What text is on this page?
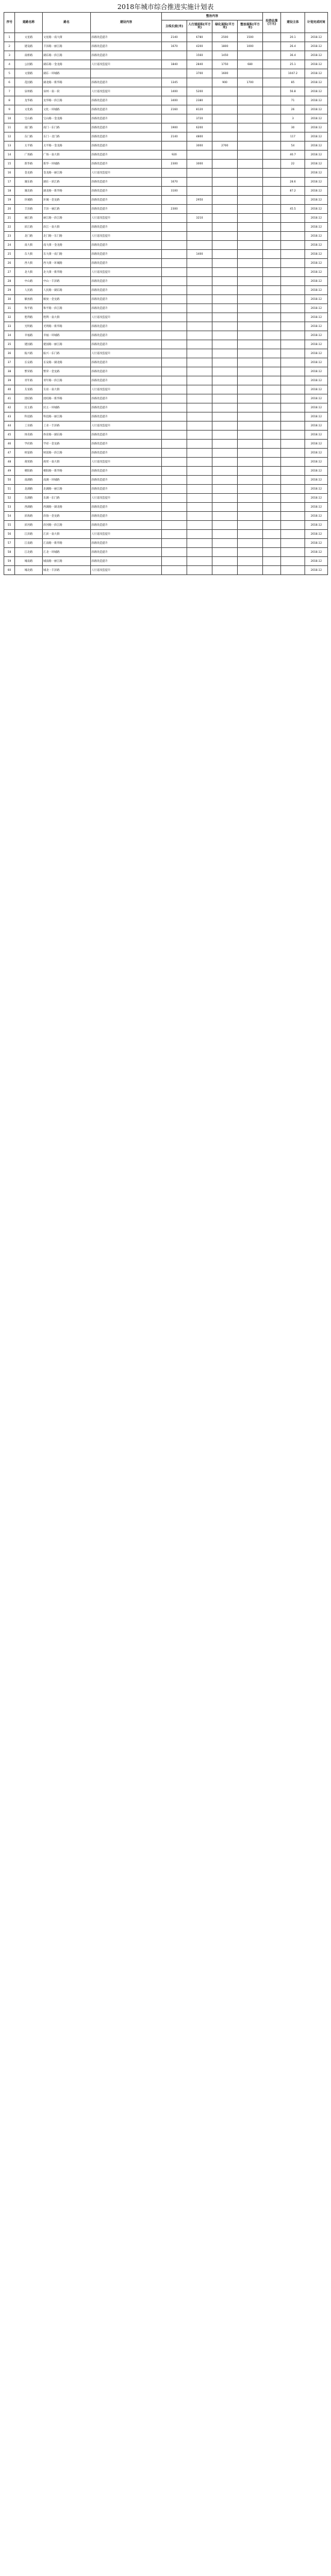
2018年城市综合推进实施计划表
序号	道路名称	路名	建设内容	整治内容				投资估算(万元)	建设主体	计划完成时间
				主线长度(米)	人行道面积(平方米)	绿化面积(平方米)	整治面积(平方米)			
1	文星路	文星路一南大街	滨路改造提升	2140	6780	2500	1500		20.1	2018.12
2	建设路	丰泽路一丽江路	滨路改造提升	1670	4200	1800	1000		26.4	2018.12
3	南桥路	湖东路一滨江路	滨路改造提升		1560	1450			36.4	2018.12
4	公园路	湖东路一金龙路	人行道改造提升	1840	2840	1750	680		25.1	2018.12
5	文鼎路	湖东一环城路			3700	1600			1047.2	2018.12
6	花园路	湖北路一新华路	滨路改造提升	1345		900	1700		85	2018.12
7	泉州路	泉州一南一段	人行道改造提升	1400	5200				56.8	2018.12
8	龙华路	龙华路一滨江路	滨路改造提升	3400	2380				71	2018.12
9	文化路	文化一环城路	滨路改造提升	2160	8120				26	2018.12
10	宝山路	宝山路一金龙路	滨路改造提升		3720				3	2018.12
11	南门路	南门一东门路	滨路改造提升	1900	6200				30	2018.12
12	东门路	东门一北门路	滨路改造提升	2140	4800				117	2018.12
13	太平路	太平路一金龙路	滨路改造提升		3000	2700			54	2018.12
14	广场路	广场一南大街	滨路改造提升	920					40.7	2018.12
15	新华路	新华一环城路	滨路改造提升	2300	3000				22	2018.12
16	金龙路	金龙路一丽江路	人行道改造提升							2018.12
17	湖东路	湖东一滨江路	滨路改造提升	1670					28.6	2018.12
18	湖北路	湖北路一新华路	滨路改造提升	3100					87.2	2018.12
19	环城路	环城一金龙路	滨路改造提升		2950					2018.12
20	丰泽路	丰泽一丽江路	滨路改造提升	2300					45.5	2018.12
21	丽江路	丽江路一滨江路	人行道改造提升		3210					2018.12
22	滨江路	滨江一南大街	滨路改造提升							2018.12
23	北门路	北门路一东门路	人行道改造提升							2018.12
24	南大街	南大街一金龙路	滨路改造提升							2018.12
25	东大街	东大街一南门路	滨路改造提升		1400					2018.12
26	西大街	西大街一环城路	滨路改造提升							2018.12
27	北大街	北大街一新华路	人行道改造提升							2018.12
28	中山路	中山一丰泽路	滨路改造提升							2018.12
29	人民路	人民路一湖东路	滨路改造提升							2018.12
30	解放路	解放一金龙路	滨路改造提升							2018.12
31	和平路	和平路一滨江路	滨路改造提升							2018.12
32	胜利路	胜利一南大街	人行道改造提升							2018.12
33	光明路	光明路一新华路	滨路改造提升							2018.12
34	幸福路	幸福一环城路	滨路改造提升							2018.12
35	建国路	建国路一丽江路	滨路改造提升							2018.12
36	振兴路	振兴一东门路	人行道改造提升							2018.12
37	长安路	长安路一湖北路	滨路改造提升							2018.12
38	繁荣路	繁荣一金龙路	滨路改造提升							2018.12
39	青年路	青年路一滨江路	滨路改造提升							2018.12
40	友谊路	友谊一南大街	人行道改造提升							2018.12
41	团结路	团结路一新华路	滨路改造提升							2018.12
42	民主路	民主一环城路	滨路改造提升							2018.12
43	科技路	科技路一丽江路	滨路改造提升							2018.12
44	工业路	工业一丰泽路	人行道改造提升							2018.12
45	体育路	体育路一湖东路	滨路改造提升							2018.12
46	学府路	学府一金龙路	滨路改造提升							2018.12
47	财富路	财富路一滨江路	滨路改造提升							2018.12
48	商贸路	商贸一南大街	人行道改造提升							2018.12
49	朝阳路	朝阳路一新华路	滨路改造提升							2018.12
50	南湖路	南湖一环城路	滨路改造提升							2018.12
51	北湖路	北湖路一丽江路	滨路改造提升							2018.12
52	东湖路	东湖一东门路	人行道改造提升							2018.12
53	西湖路	西湖路一湖北路	滨路改造提升							2018.12
54	滨海路	滨海一金龙路	滨路改造提升							2018.12
55	滨河路	滨河路一滨江路	滨路改造提升							2018.12
56	江滨路	江滨一南大街	人行道改造提升							2018.12
57	江南路	江南路一新华路	滨路改造提升							2018.12
58	江北路	江北一环城路	滨路改造提升							2018.12
59	城南路	城南路一丽江路	滨路改造提升							2018.12
60	城北路	城北一丰泽路	人行道改造提升							2018.12
